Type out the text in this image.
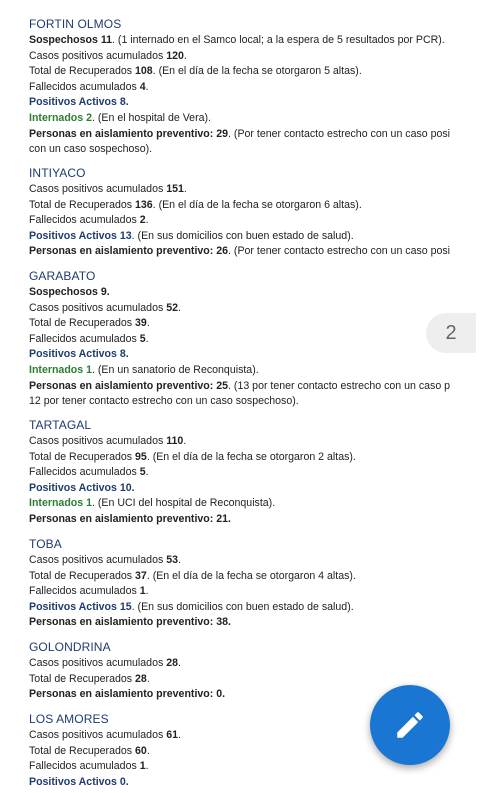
FORTIN OLMOS
Sospechosos 11. (1 internado en el Samco local; a la espera de 5 resultados por PCR).
Casos positivos acumulados 120.
Total de Recuperados 108. (En el día de la fecha se otorgaron 5 altas).
Fallecidos acumulados 4.
Positivos Activos 8.
Internados 2. (En el hospital de Vera).
Personas en aislamiento preventivo: 29. (Por tener contacto estrecho con un caso posi
con un caso sospechoso).
INTIYACO
Casos positivos acumulados 151.
Total de Recuperados 136. (En el día de la fecha se otorgaron 6 altas).
Fallecidos acumulados 2.
Positivos Activos 13. (En sus domicilios con buen estado de salud).
Personas en aislamiento preventivo: 26. (Por tener contacto estrecho con un caso posi
GARABATO
Sospechosos 9.
Casos positivos acumulados 52.
Total de Recuperados 39.
Fallecidos acumulados 5.
Positivos Activos 8.
Internados 1. (En un sanatorio de Reconquista).
Personas en aislamiento preventivo: 25. (13 por tener contacto estrecho con un caso p
12 por tener contacto estrecho con un caso sospechoso).
2
TARTAGAL
Casos positivos acumulados 110.
Total de Recuperados 95. (En el día de la fecha se otorgaron 2 altas).
Fallecidos acumulados 5.
Positivos Activos 10.
Internados 1. (En UCI del hospital de Reconquista).
Personas en aislamiento preventivo: 21.
TOBA
Casos positivos acumulados 53.
Total de Recuperados 37. (En el día de la fecha se otorgaron 4 altas).
Fallecidos acumulados 1.
Positivos Activos 15. (En sus domicilios con buen estado de salud).
Personas en aislamiento preventivo: 38.
GOLONDRINA
Casos positivos acumulados 28.
Total de Recuperados 28.
Personas en aislamiento preventivo: 0.
LOS AMORES
Casos positivos acumulados 61.
Total de Recuperados 60.
Fallecidos acumulados 1.
Positivos Activos 0.
